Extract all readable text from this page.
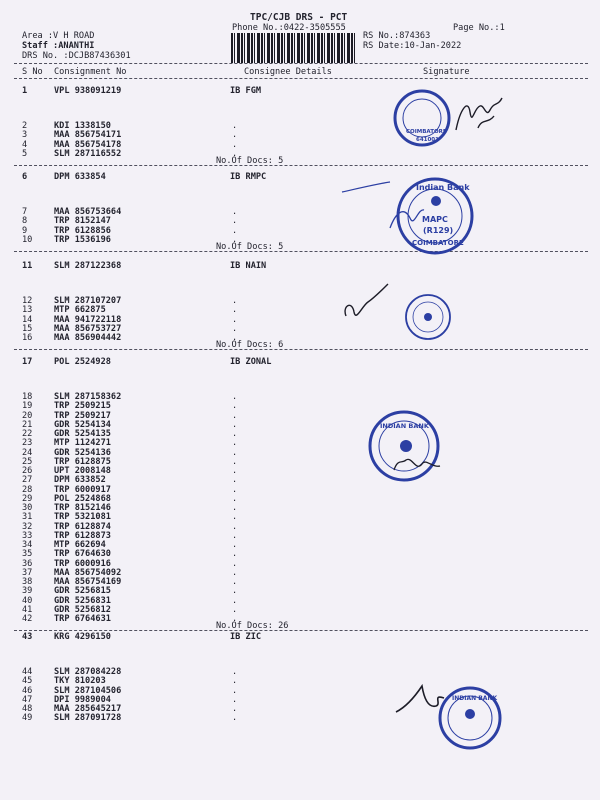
TPC/CJB DRS - PCT
Phone No.:0422-3505555	Page No.:1
Area :V H ROAD
Staff :ANANTHI
DRS No. :DCJB87436301
RS No.:874363
RS Date:10-Jan-2022
S No Consignment No	Consignee Details	Signature
1	VPL 938091219	IB FGM
2	KDI 1338150	.
3	MAA 856754171	.
4	MAA 856754178	.
5	SLM 287116552	.
No.Of Docs: 5
6	DPM 633854	IB RMPC
7	MAA 856753664	.
8	TRP 8152147	.
9	TRP 6128856	.
10	TRP 1536196	.
No.Of Docs: 5
11	SLM 287122368	IB NAIN
12	SLM 287107207	.
13	MTP 662875	.
14	MAA 941722118	.
15	MAA 856753727	.
16	MAA 856904442	.
No.Of Docs: 6
17	POL 2524928	IB ZONAL
18	SLM 287158362	.
19	TRP 2509215	.
20	TRP 2509217	.
21	GDR 5254134	.
22	GDR 5254135	.
23	MTP 1124271	.
24	GDR 5254136	.
25	TRP 6128875	.
26	UPT 2008148	.
27	DPM 633852	.
28	TRP 6000917	.
29	POL 2524868	.
30	TRP 8152146	.
31	TRP 5321081	.
32	TRP 6128874	.
33	TRP 6128873	.
34	MTP 662694	.
35	TRP 6764630	.
36	TRP 6000916	.
37	MAA 856754092	.
38	MAA 856754169	.
39	GDR 5256815	.
40	GDR 5256831	.
41	GDR 5256812	.
42	TRP 6764631	.
No.Of Docs: 26
43	KRG 4296150	IB ZIC
44	SLM 287084228	.
45	TKY 810203	.
46	SLM 287104506	.
47	DPI 9989004	.
48	MAA 285645217	.
49	SLM 287091728	.
COIMBATORE
641001
Indian Bank
MAPC
(R129)
COIMBATORE
INDIAN BANK
INDIAN BANK
